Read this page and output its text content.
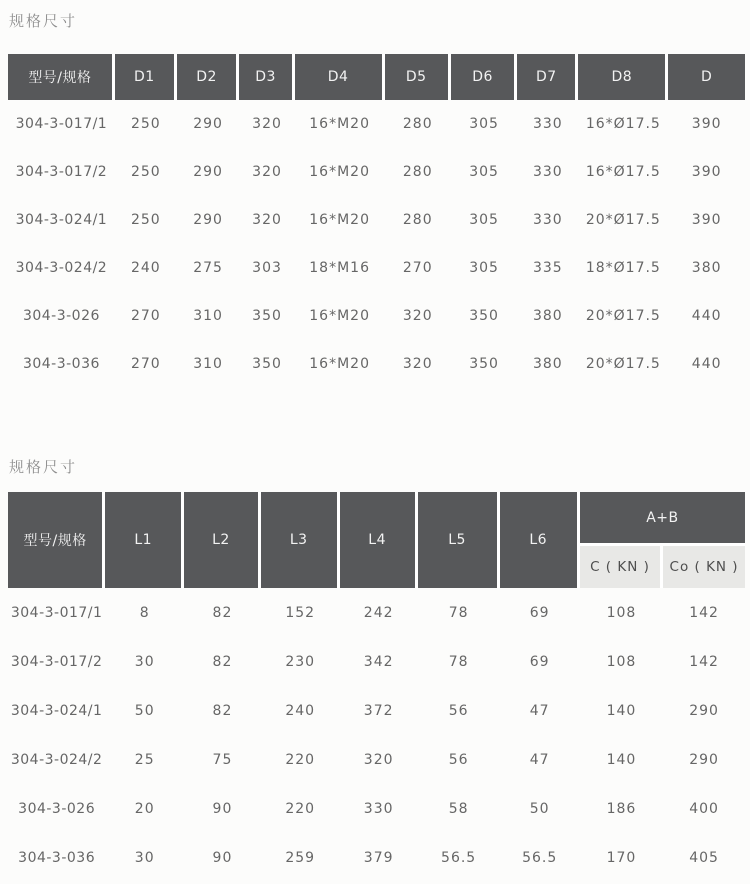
规格尺寸
型号/规格	D1	D2	D3	D4	D5	D6	D7	D8	D
304-3-017/1	250	290	320	16*M20	280	305	330	16*Ø17.5	390
304-3-017/2	250	290	320	16*M20	280	305	330	16*Ø17.5	390
304-3-024/1	250	290	320	16*M20	280	305	330	20*Ø17.5	390
304-3-024/2	240	275	303	18*M16	270	305	335	18*Ø17.5	380
304-3-026	270	310	350	16*M20	320	350	380	20*Ø17.5	440
304-3-036	270	310	350	16*M20	320	350	380	20*Ø17.5	440
规格尺寸
型号/规格	L1	L2	L3	L4	L5	L6	A+B	
							C ( KN )	Co ( KN )
304-3-017/1	8	82	152	242	78	69	108	142
304-3-017/2	30	82	230	342	78	69	108	142
304-3-024/1	50	82	240	372	56	47	140	290
304-3-024/2	25	75	220	320	56	47	140	290
304-3-026	20	90	220	330	58	50	186	400
304-3-036	30	90	259	379	56.5	56.5	170	405
